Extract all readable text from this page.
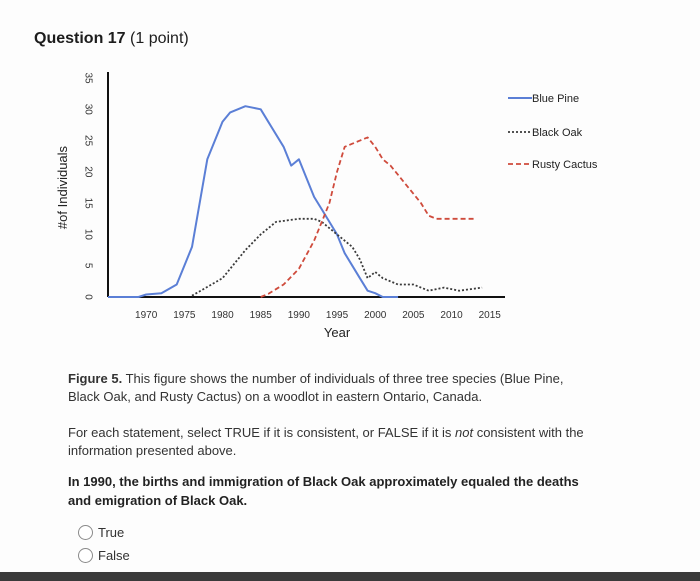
Question 17 (1 point)
0
5
10
15
20
25
30
35
#of Individuals
1970 1975 1980 1985 1990 1995 2000 2005 2010 2015
Year
Blue Pine
Black Oak
Rusty Cactus
Figure 5. This figure shows the number of individuals of three tree species (Blue Pine, Black Oak, and Rusty Cactus) on a woodlot in eastern Ontario, Canada.
For each statement, select TRUE if it is consistent, or FALSE if it is not consistent with the information presented above.
In 1990, the births and immigration of Black Oak approximately equaled the deaths and emigration of Black Oak.
True
False
